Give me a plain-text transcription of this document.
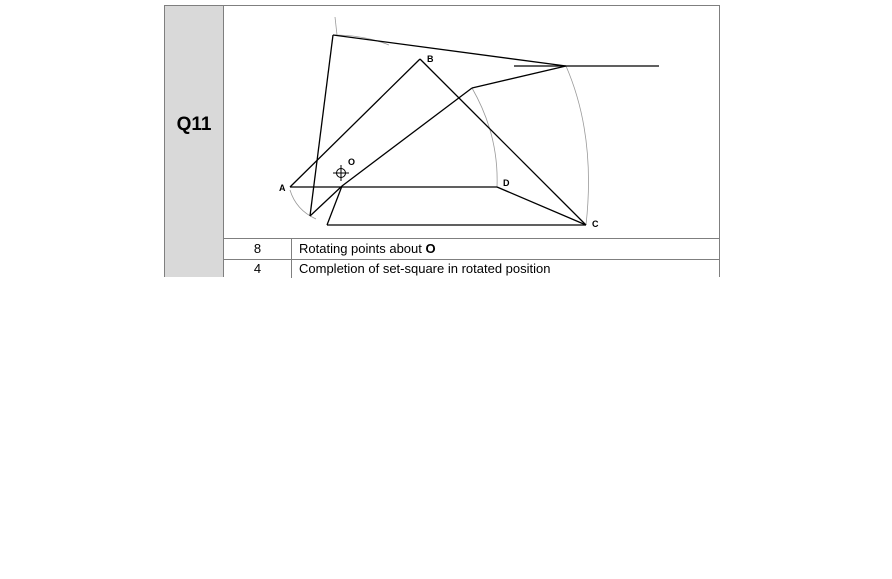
Q11
B
A
O
D
C
8	Rotating points about O
4	Completion of set-square in rotated position
